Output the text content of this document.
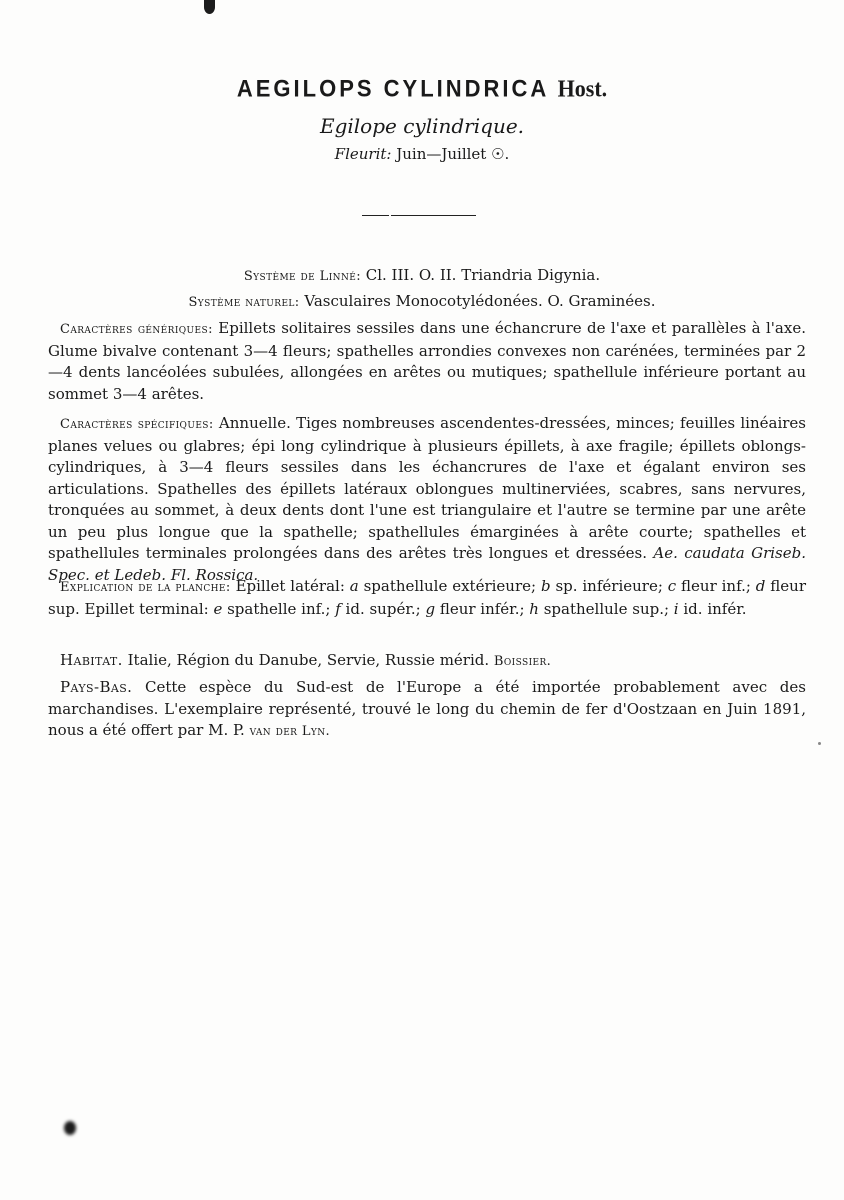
AEGILOPS CYLINDRICA Host.
Egilope cylindrique.
Fleurit: Juin—Juillet ☉.
Système de Linné: Cl. III. O. II. Triandria Digynia.
Système naturel: Vasculaires Monocotylédonées. O. Graminées.

Caractères génériques: Epillets solitaires sessiles dans une échancrure de l'axe et parallèles à l'axe. Glume bivalve contenant 3—4 fleurs; spathelles arrondies convexes non carénées, terminées par 2—4 dents lancéolées subulées, allongées en arêtes ou mutiques; spathellule inférieure portant au sommet 3—4 arêtes.

Caractères spécifiques: Annuelle. Tiges nombreuses ascendentes-dressées, minces; feuilles linéaires planes velues ou glabres; épi long cylindrique à plusieurs épillets, à axe fragile; épillets oblongs-cylindriques, à 3—4 fleurs sessiles dans les échancrures de l'axe et égalant environ ses articulations. Spathelles des épillets latéraux oblongues multinerviées, scabres, sans nervures, tronquées au sommet, à deux dents dont l'une est triangulaire et l'autre se termine par une arête un peu plus longue que la spathelle; spathellules émarginées à arête courte; spathelles et spathellules terminales prolongées dans des arêtes très longues et dressées. Ae. caudata Griseb. Spec. et Ledeb. Fl. Rossica.

Explication de la planche: Epillet latéral: a spathellule extérieure; b sp. inférieure; c fleur inf.; d fleur sup. Epillet terminal: e spathelle inf.; f id. supér.; g fleur infér.; h spathellule sup.; i id. infér.

Habitat. Italie, Région du Danube, Servie, Russie mérid. Boissier.

Pays-Bas. Cette espèce du Sud-est de l'Europe a été importée probablement avec des marchandises. L'exemplaire représenté, trouvé le long du chemin de fer d'Oostzaan en Juin 1891, nous a été offert par M. P. van der Lyn.
